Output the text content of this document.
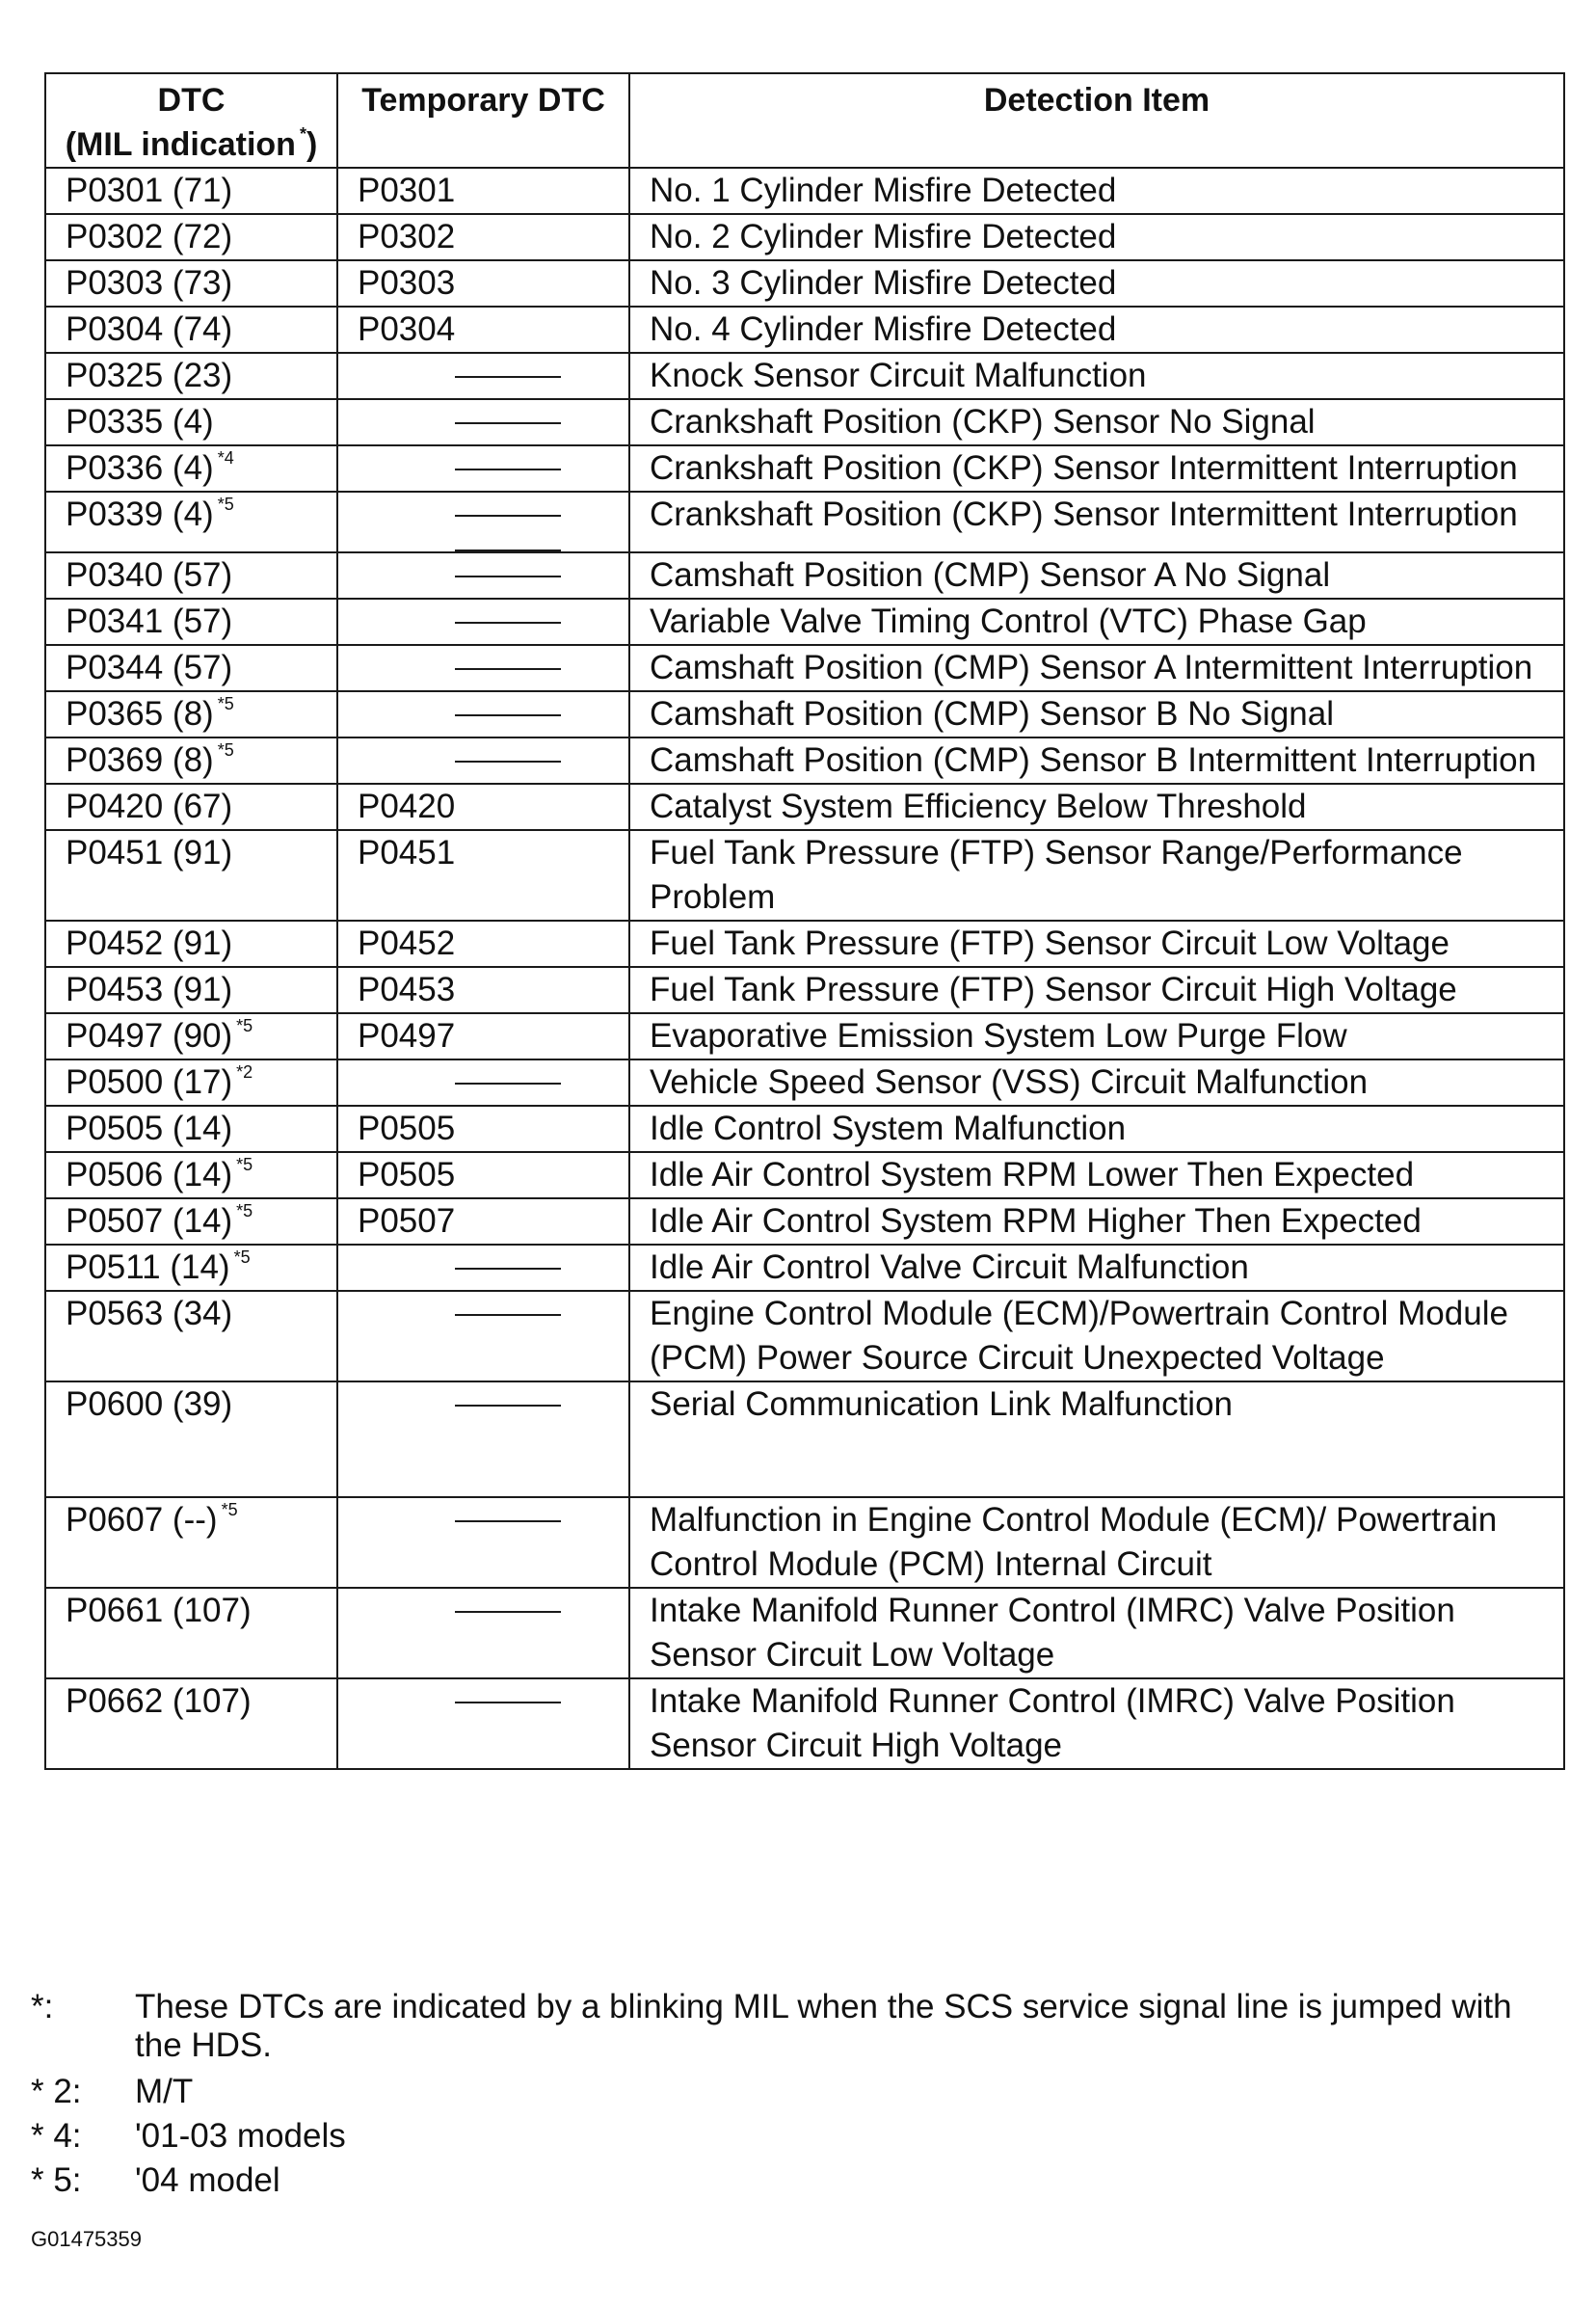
DTC
(MIL indication *)	Temporary DTC	Detection Item
P0301 (71)	P0301	No. 1 Cylinder Misfire Detected
P0302 (72)	P0302	No. 2 Cylinder Misfire Detected
P0303 (73)	P0303	No. 3 Cylinder Misfire Detected
P0304 (74)	P0304	No. 4 Cylinder Misfire Detected
P0325 (23)		Knock Sensor Circuit Malfunction
P0335 (4)		Crankshaft Position (CKP) Sensor No Signal
P0336 (4) $^{*4}$		Crankshaft Position (CKP) Sensor Intermittent Interruption
P0339 (4) $^{*5}$		Crankshaft Position (CKP) Sensor Intermittent Interruption
P0340 (57)		Camshaft Position (CMP) Sensor A No Signal
P0341 (57)		Variable Valve Timing Control (VTC) Phase Gap
P0344 (57)		Camshaft Position (CMP) Sensor A Intermittent Interruption
P0365 (8) $^{*5}$		Camshaft Position (CMP) Sensor B No Signal
P0369 (8) $^{*5}$		Camshaft Position (CMP) Sensor B Intermittent Interruption
P0420 (67)	P0420	Catalyst System Efficiency Below Threshold
P0451 (91)	P0451	Fuel Tank Pressure (FTP) Sensor Range/Performance Problem
P0452 (91)	P0452	Fuel Tank Pressure (FTP) Sensor Circuit Low Voltage
P0453 (91)	P0453	Fuel Tank Pressure (FTP) Sensor Circuit High Voltage
P0497 (90) $^{*5}$	P0497	Evaporative Emission System Low Purge Flow
P0500 (17) $^{*2}$		Vehicle Speed Sensor (VSS) Circuit Malfunction
P0505 (14)	P0505	Idle Control System Malfunction
P0506 (14) $^{*5}$	P0505	Idle Air Control System RPM Lower Then Expected
P0507 (14) $^{*5}$	P0507	Idle Air Control System RPM Higher Then Expected
P0511 (14) $^{*5}$		Idle Air Control Valve Circuit Malfunction
P0563 (34)		Engine Control Module (ECM)/Powertrain Control Module (PCM) Power Source Circuit Unexpected Voltage
P0600 (39)		Serial Communication Link Malfunction
P0607 (--) $^{*5}$		Malfunction in Engine Control Module (ECM)/ Powertrain Control Module (PCM) Internal Circuit
P0661 (107)		Intake Manifold Runner Control (IMRC) Valve Position Sensor Circuit Low Voltage
P0662 (107)		Intake Manifold Runner Control (IMRC) Valve Position Sensor Circuit High Voltage
*: These DTCs are indicated by a blinking MIL when the SCS service signal line is jumped with the HDS.
* 2: M/T
* 4: '01-03 models
* 5: '04 model
G01475359
